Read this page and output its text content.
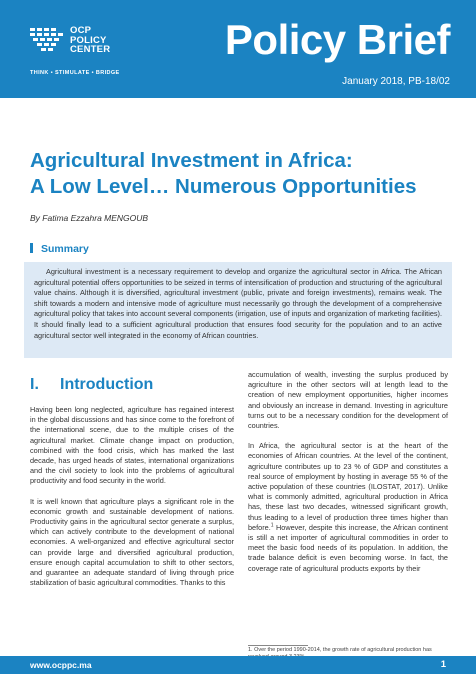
OCP
POLICY
CENTER
THINK • STIMULATE • BRIDGE
Policy Brief
January 2018, PB-18/02
Agricultural Investment in Africa:
A Low Level… Numerous Opportunities
By Fatima Ezzahra MENGOUB
Summary

Agricultural investment is a necessary requirement to develop and organize the agricultural sector in Africa. The African agricultural potential offers opportunities to be seized in terms of intensification of production and structuring of the agricultural value chains. Although it is diversified, agricultural investment (public, private and foreign investments), remains weak. The shift towards a modern and intensive mode of agriculture must necessarily go through the development of a comprehensive agricultural policy that takes into account several components (irrigation, use of inputs and organization of marketing facilities). It should finally lead to a sufficient agricultural production that ensures food security for the population and to an active agricultural sector well integrated in the economy of African countries.

I. Introduction

Having been long neglected, agriculture has regained interest in the global discussions and has since come to the forefront of the international scene, due to the multiple crises of the agricultural market. Climate change impact on production, combined with the food crisis, which has marked the last decade, has urged heads of states, international organizations and the civil society to look into the problems of agricultural productivity and food security in the world.

It is well known that agriculture plays a significant role in the economic growth and sustainable development of nations. Productivity gains in the agricultural sector generate a surplus, which can actively contribute to the development of national economies. A well-organized and effective agricultural sector can provide large and diversified agricultural production, ensure enough capital accumulation to shift to other sectors, and guarantee an adequate standard of living through price stabilization of basic agricultural commodities. Thanks to this

accumulation of wealth, investing the surplus produced by agriculture in the other sectors will at length lead to the creation of new employment opportunities, higher incomes and obviously an increase in demand. Investing in agriculture turns out to be a necessary condition for the development of countries.

In Africa, the agricultural sector is at the heart of the economies of African countries. At the level of the continent, agriculture contributes up to 23 % of GDP and constitutes a real source of employment by hosting in average 55 % of the active population of these countries (ILOSTAT, 2017). Unlike what is commonly admitted, agricultural production in Africa has, these last two decades, witnessed significant growth, thus leading to a level of production three times higher than before.$^1$ However, despite this increase, the African continent is still a net importer of agricultural commodities in order to meet the basic food needs of its population. In addition, the trade balance deficit is even becoming worse. In fact, the coverage rate of agricultural products exports by their

1. Over the period 1990-2014, the growth rate of agricultural production has
www.ocppc.ma	1
